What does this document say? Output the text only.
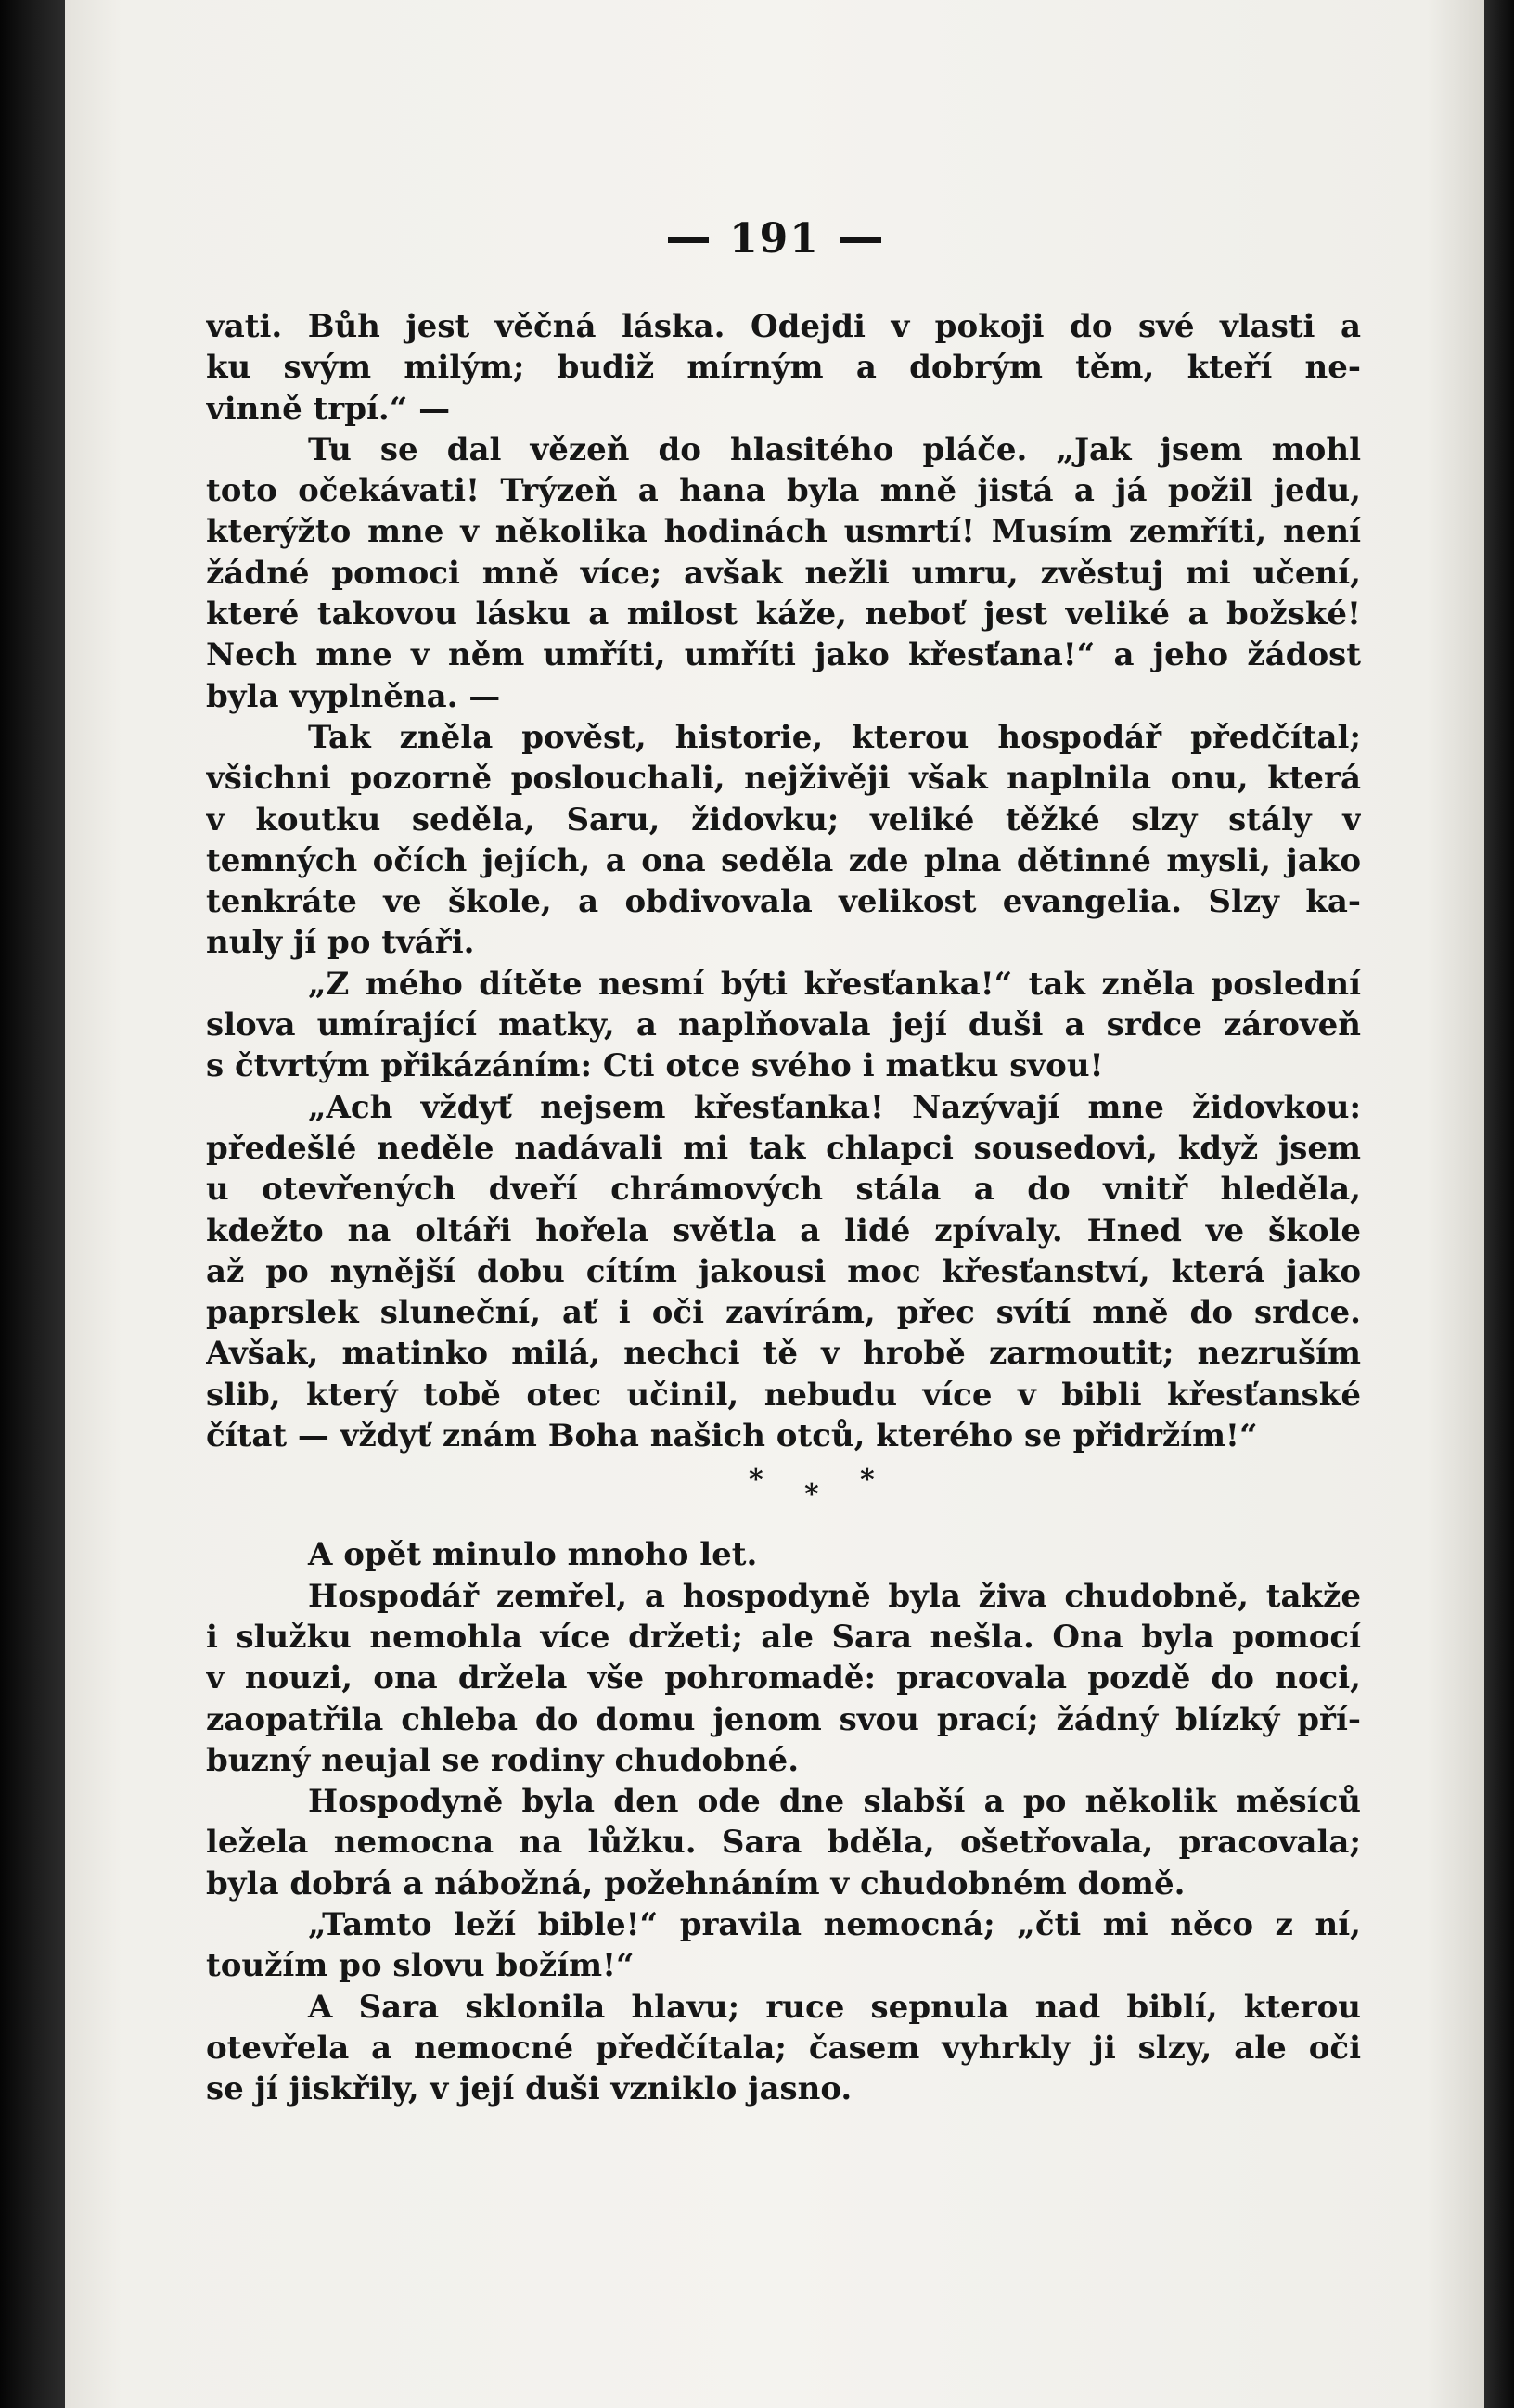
191
vati. Bůh jest věčná láska. Odejdi v pokoji do své vlasti a
ku svým milým; budiž mírným a dobrým těm, kteří ne-
vinně trpí.“ —
Tu se dal vězeň do hlasitého pláče. „Jak jsem mohl
toto očekávati! Trýzeň a hana byla mně jistá a já požil jedu,
kterýžto mne v několika hodinách usmrtí! Musím zemříti, není
žádné pomoci mně více; avšak nežli umru, zvěstuj mi učení,
které takovou lásku a milost káže, neboť jest veliké a božské!
Nech mne v něm umříti, umříti jako křesťana!“ a jeho žádost
byla vyplněna. —
Tak zněla pověst, historie, kterou hospodář předčítal;
všichni pozorně poslouchali, nejživěji však naplnila onu, která
v koutku seděla, Saru, židovku; veliké těžké slzy stály v
temných očích jejích, a ona seděla zde plna dětinné mysli, jako
tenkráte ve škole, a obdivovala velikost evangelia. Slzy ka-
nuly jí po tváři.
„Z mého dítěte nesmí býti křesťanka!“ tak zněla poslední
slova umírající matky, a naplňovala její duši a srdce zároveň
s čtvrtým přikázáním: Cti otce svého i matku svou!
„Ach vždyť nejsem křesťanka! Nazývají mne židovkou:
předešlé neděle nadávali mi tak chlapci sousedovi, když jsem
u otevřených dveří chrámových stála a do vnitř hleděla,
kdežto na oltáři hořela světla a lidé zpívaly. Hned ve škole
až po nynější dobu cítím jakousi moc křesťanství, která jako
paprslek sluneční, ať i oči zavírám, přec svítí mně do srdce.
Avšak, matinko milá, nechci tě v hrobě zarmoutit; nezruším
slib, který tobě otec učinil, nebudu více v bibli křesťanské
čítat — vždyť znám Boha našich otců, kterého se přidržím!“
* * *
A opět minulo mnoho let.
Hospodář zemřel, a hospodyně byla živa chudobně, takže
i služku nemohla více držeti; ale Sara nešla. Ona byla pomocí
v nouzi, ona držela vše pohromadě: pracovala pozdě do noci,
zaopatřila chleba do domu jenom svou prací; žádný blízký pří-
buzný neujal se rodiny chudobné.
Hospodyně byla den ode dne slabší a po několik měsíců
ležela nemocna na lůžku. Sara bděla, ošetřovala, pracovala;
byla dobrá a nábožná, požehnáním v chudobném domě.
„Tamto leží bible!“ pravila nemocná; „čti mi něco z ní,
toužím po slovu božím!“
A Sara sklonila hlavu; ruce sepnula nad biblí, kterou
otevřela a nemocné předčítala; časem vyhrkly ji slzy, ale oči
se jí jiskřily, v její duši vzniklo jasno.
